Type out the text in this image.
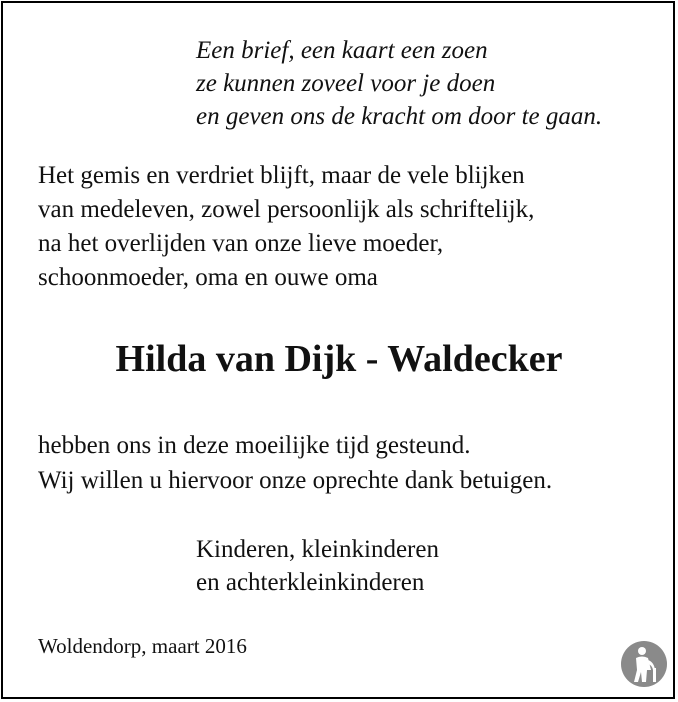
Een brief, een kaart een zoen
ze kunnen zoveel voor je doen
en geven ons de kracht om door te gaan.
Het gemis en verdriet blijft, maar de vele blijken
van medeleven, zowel persoonlijk als schriftelijk,
na het overlijden van onze lieve moeder,
schoonmoeder, oma en ouwe oma
Hilda van Dijk - Waldecker
hebben ons in deze moeilijke tijd gesteund.
Wij willen u hiervoor onze oprechte dank betuigen.
Kinderen, kleinkinderen
en achterkleinkinderen
Woldendorp, maart 2016
